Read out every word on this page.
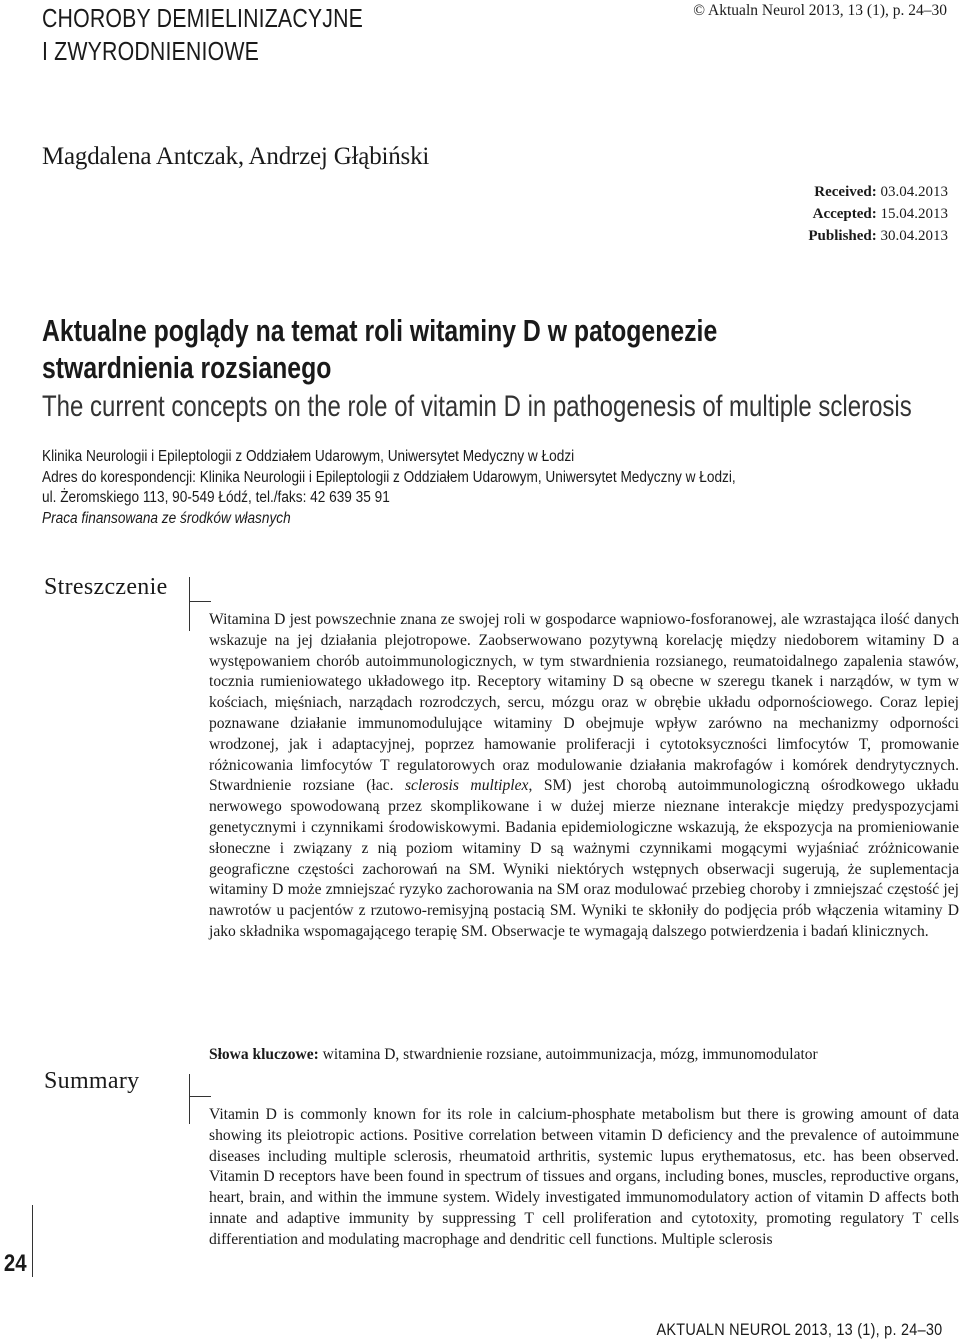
CHOROBY DEMIELINIZACYJNE
I ZWYRODNIENIOWE
© Aktualn Neurol 2013, 13 (1), p. 24–30
Magdalena Antczak, Andrzej Głąbiński
Received: 03.04.2013
Accepted: 15.04.2013
Published: 30.04.2013
Aktualne poglądy na temat roli witaminy D w patogenezie
stwardnienia rozsianego
The current concepts on the role of vitamin D in pathogenesis of multiple sclerosis
Klinika Neurologii i Epileptologii z Oddziałem Udarowym, Uniwersytet Medyczny w Łodzi
Adres do korespondencji: Klinika Neurologii i Epileptologii z Oddziałem Udarowym, Uniwersytet Medyczny w Łodzi,
ul. Żeromskiego 113, 90-549 Łódź, tel./faks: 42 639 35 91
Praca finansowana ze środków własnych
Streszczenie
Witamina D jest powszechnie znana ze swojej roli w gospodarce wapniowo-fosforanowej, ale wzrastająca ilość danych wskazuje na jej działania plejotropowe. Zaobserwowano pozytywną korelację między niedoborem witaminy D a występowaniem chorób autoimmunologicznych, w tym stwardnienia rozsianego, reumatoidalnego zapalenia stawów, tocznia rumieniowatego układowego itp. Receptory witaminy D są obecne w szeregu tkanek i narządów, w tym w kościach, mięśniach, narządach rozrodczych, sercu, mózgu oraz w obrębie układu odpornościowego. Coraz lepiej poznawane działanie immunomodulujące witaminy D obejmuje wpływ zarówno na mechanizmy odporności wrodzonej, jak i adaptacyjnej, poprzez hamowanie proliferacji i cytotoksyczności limfocytów T, promowanie różnicowania limfocytów T regulatorowych oraz modulowanie działania makrofagów i komórek dendrytycznych. Stwardnienie rozsiane (łac. sclerosis multiplex, SM) jest chorobą autoimmunologiczną ośrodkowego układu nerwowego spowodowaną przez skomplikowane i w dużej mierze nieznane interakcje między predyspozycjami genetycznymi i czynnikami środowiskowymi. Badania epidemiologiczne wskazują, że ekspozycja na promieniowanie słoneczne i związany z nią poziom witaminy D są ważnymi czynnikami mogącymi wyjaśniać zróżnicowanie geograficzne częstości zachorowań na SM. Wyniki niektórych wstępnych obserwacji sugerują, że suplementacja witaminy D może zmniejszać ryzyko zachorowania na SM oraz modulować przebieg choroby i zmniejszać częstość jej nawrotów u pacjentów z rzutowo-remisyjną postacią SM. Wyniki te skłoniły do podjęcia prób włączenia witaminy D jako składnika wspomagającego terapię SM. Obserwacje te wymagają dalszego potwierdzenia i badań klinicznych.
Słowa kluczowe: witamina D, stwardnienie rozsiane, autoimmunizacja, mózg, immunomodulator
Summary
Vitamin D is commonly known for its role in calcium-phosphate metabolism but there is growing amount of data showing its pleiotropic actions. Positive correlation between vitamin D deficiency and the prevalence of autoimmune diseases including multiple sclerosis, rheumatoid arthritis, systemic lupus erythematosus, etc. has been observed. Vitamin D receptors have been found in spectrum of tissues and organs, including bones, muscles, reproductive organs, heart, brain, and within the immune system. Widely investigated immunomodulatory action of vitamin D affects both innate and adaptive immunity by suppressing T cell proliferation and cytotoxity, promoting regulatory T cells differentiation and modulating macrophage and dendritic cell functions. Multiple sclerosis
24
AKTUALN NEUROL 2013, 13 (1), p. 24–30
